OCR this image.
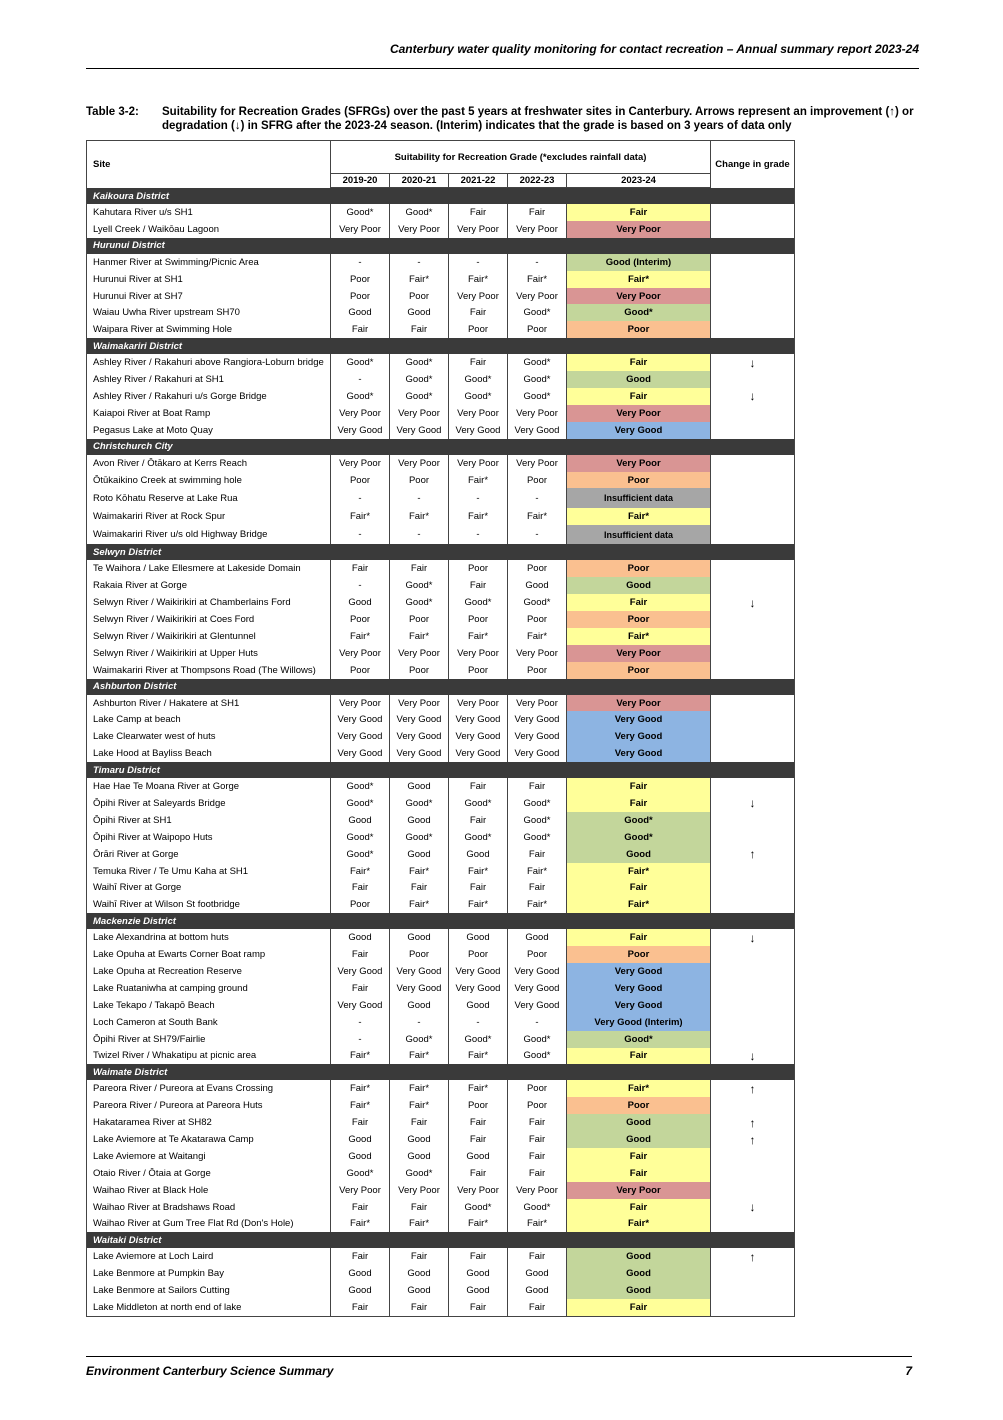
Canterbury water quality monitoring for contact recreation – Annual summary report 2023-24
Table 3-2: Suitability for Recreation Grades (SFRGs) over the past 5 years at freshwater sites in Canterbury. Arrows represent an improvement (↑) or degradation (↓) in SFRG after the 2023-24 season. (Interim) indicates that the grade is based on 3 years of data only
Site	Suitability for Recreation Grade (*excludes rainfall data)					Change in grade
	2019-20	2020-21	2021-22	2022-23	2023-24	
Kaikoura District						
Kahutara River u/s SH1	Good*	Good*	Fair	Fair	Fair	
Lyell Creek / Waikōau Lagoon	Very Poor	Very Poor	Very Poor	Very Poor	Very Poor	
Hurunui District						
Hanmer River at Swimming/Picnic Area	-	-	-	-	Good (Interim)	
Hurunui River at SH1	Poor	Fair*	Fair*	Fair*	Fair*	
Hurunui River at SH7	Poor	Poor	Very Poor	Very Poor	Very Poor	
Waiau Uwha River upstream SH70	Good	Good	Fair	Good*	Good*	
Waipara River at Swimming Hole	Fair	Fair	Poor	Poor	Poor	
Waimakariri District						
Ashley River / Rakahuri above Rangiora-Loburn bridge	Good*	Good*	Fair	Good*	Fair	↓
Ashley River / Rakahuri at SH1	-	Good*	Good*	Good*	Good	
Ashley River / Rakahuri u/s Gorge Bridge	Good*	Good*	Good*	Good*	Fair	↓
Kaiapoi River at Boat Ramp	Very Poor	Very Poor	Very Poor	Very Poor	Very Poor	
Pegasus Lake at Moto Quay	Very Good	Very Good	Very Good	Very Good	Very Good	
Christchurch City						
Avon River / Ōtākaro at Kerrs Reach	Very Poor	Very Poor	Very Poor	Very Poor	Very Poor	
Ōtūkaikino Creek at swimming hole	Poor	Poor	Fair*	Poor	Poor	
Roto Kōhatu Reserve at Lake Rua	-	-	-	-	Insufficient data	
Waimakariri River at Rock Spur	Fair*	Fair*	Fair*	Fair*	Fair*	
Waimakariri River u/s old Highway Bridge	-	-	-	-	Insufficient data	
Selwyn District						
Te Waihora / Lake Ellesmere at Lakeside Domain	Fair	Fair	Poor	Poor	Poor	
Rakaia River at Gorge	-	Good*	Fair	Good	Good	
Selwyn River / Waikirikiri at Chamberlains Ford	Good	Good*	Good*	Good*	Fair	↓
Selwyn River / Waikirikiri at Coes Ford	Poor	Poor	Poor	Poor	Poor	
Selwyn River / Waikirikiri at Glentunnel	Fair*	Fair*	Fair*	Fair*	Fair*	
Selwyn River / Waikirikiri at Upper Huts	Very Poor	Very Poor	Very Poor	Very Poor	Very Poor	
Waimakariri River at Thompsons Road (The Willows)	Poor	Poor	Poor	Poor	Poor	
Ashburton District						
Ashburton River / Hakatere at SH1	Very Poor	Very Poor	Very Poor	Very Poor	Very Poor	
Lake Camp at beach	Very Good	Very Good	Very Good	Very Good	Very Good	
Lake Clearwater west of huts	Very Good	Very Good	Very Good	Very Good	Very Good	
Lake Hood at Bayliss Beach	Very Good	Very Good	Very Good	Very Good	Very Good	
Timaru District						
Hae Hae Te Moana River at Gorge	Good*	Good	Fair	Fair	Fair	
Ōpihi River at Saleyards Bridge	Good*	Good*	Good*	Good*	Fair	↓
Ōpihi River at SH1	Good	Good	Fair	Good*	Good*	
Ōpihi River at Waipopo Huts	Good*	Good*	Good*	Good*	Good*	
Ōrāri River at Gorge	Good*	Good	Good	Fair	Good	↑
Temuka River / Te Umu Kaha at SH1	Fair*	Fair*	Fair*	Fair*	Fair*	
Waihī River at Gorge	Fair	Fair	Fair	Fair	Fair	
Waihī River at Wilson St footbridge	Poor	Fair*	Fair*	Fair*	Fair*	
Mackenzie District						
Lake Alexandrina at bottom huts	Good	Good	Good	Good	Fair	↓
Lake Opuha at Ewarts Corner Boat ramp	Fair	Poor	Poor	Poor	Poor	
Lake Opuha at Recreation Reserve	Very Good	Very Good	Very Good	Very Good	Very Good	
Lake Ruataniwha at camping ground	Fair	Very Good	Very Good	Very Good	Very Good	
Lake Tekapo / Takapō Beach	Very Good	Good	Good	Very Good	Very Good	
Loch Cameron at South Bank	-	-	-	-	Very Good (Interim)	
Ōpihi River at SH79/Fairlie	-	Good*	Good*	Good*	Good*	
Twizel River / Whakatipu at picnic area	Fair*	Fair*	Fair*	Good*	Fair	↓
Waimate District						
Pareora River / Pureora at Evans Crossing	Fair*	Fair*	Fair*	Poor	Fair*	↑
Pareora River / Pureora at Pareora Huts	Fair*	Fair*	Poor	Poor	Poor	
Hakataramea River at SH82	Fair	Fair	Fair	Fair	Good	↑
Lake Aviemore at Te Akatarawa Camp	Good	Good	Fair	Fair	Good	↑
Lake Aviemore at Waitangi	Good	Good	Good	Fair	Fair	
Otaio River / Ōtaia at Gorge	Good*	Good*	Fair	Fair	Fair	
Waihao River at Black Hole	Very Poor	Very Poor	Very Poor	Very Poor	Very Poor	
Waihao River at Bradshaws Road	Fair	Fair	Good*	Good*	Fair	↓
Waihao River at Gum Tree Flat Rd (Don's Hole)	Fair*	Fair*	Fair*	Fair*	Fair*	
Waitaki District						
Lake Aviemore at Loch Laird	Fair	Fair	Fair	Fair	Good	↑
Lake Benmore at Pumpkin Bay	Good	Good	Good	Good	Good	
Lake Benmore at Sailors Cutting	Good	Good	Good	Good	Good	
Lake Middleton at north end of lake	Fair	Fair	Fair	Fair	Fair	
Environment Canterbury Science Summary	7
